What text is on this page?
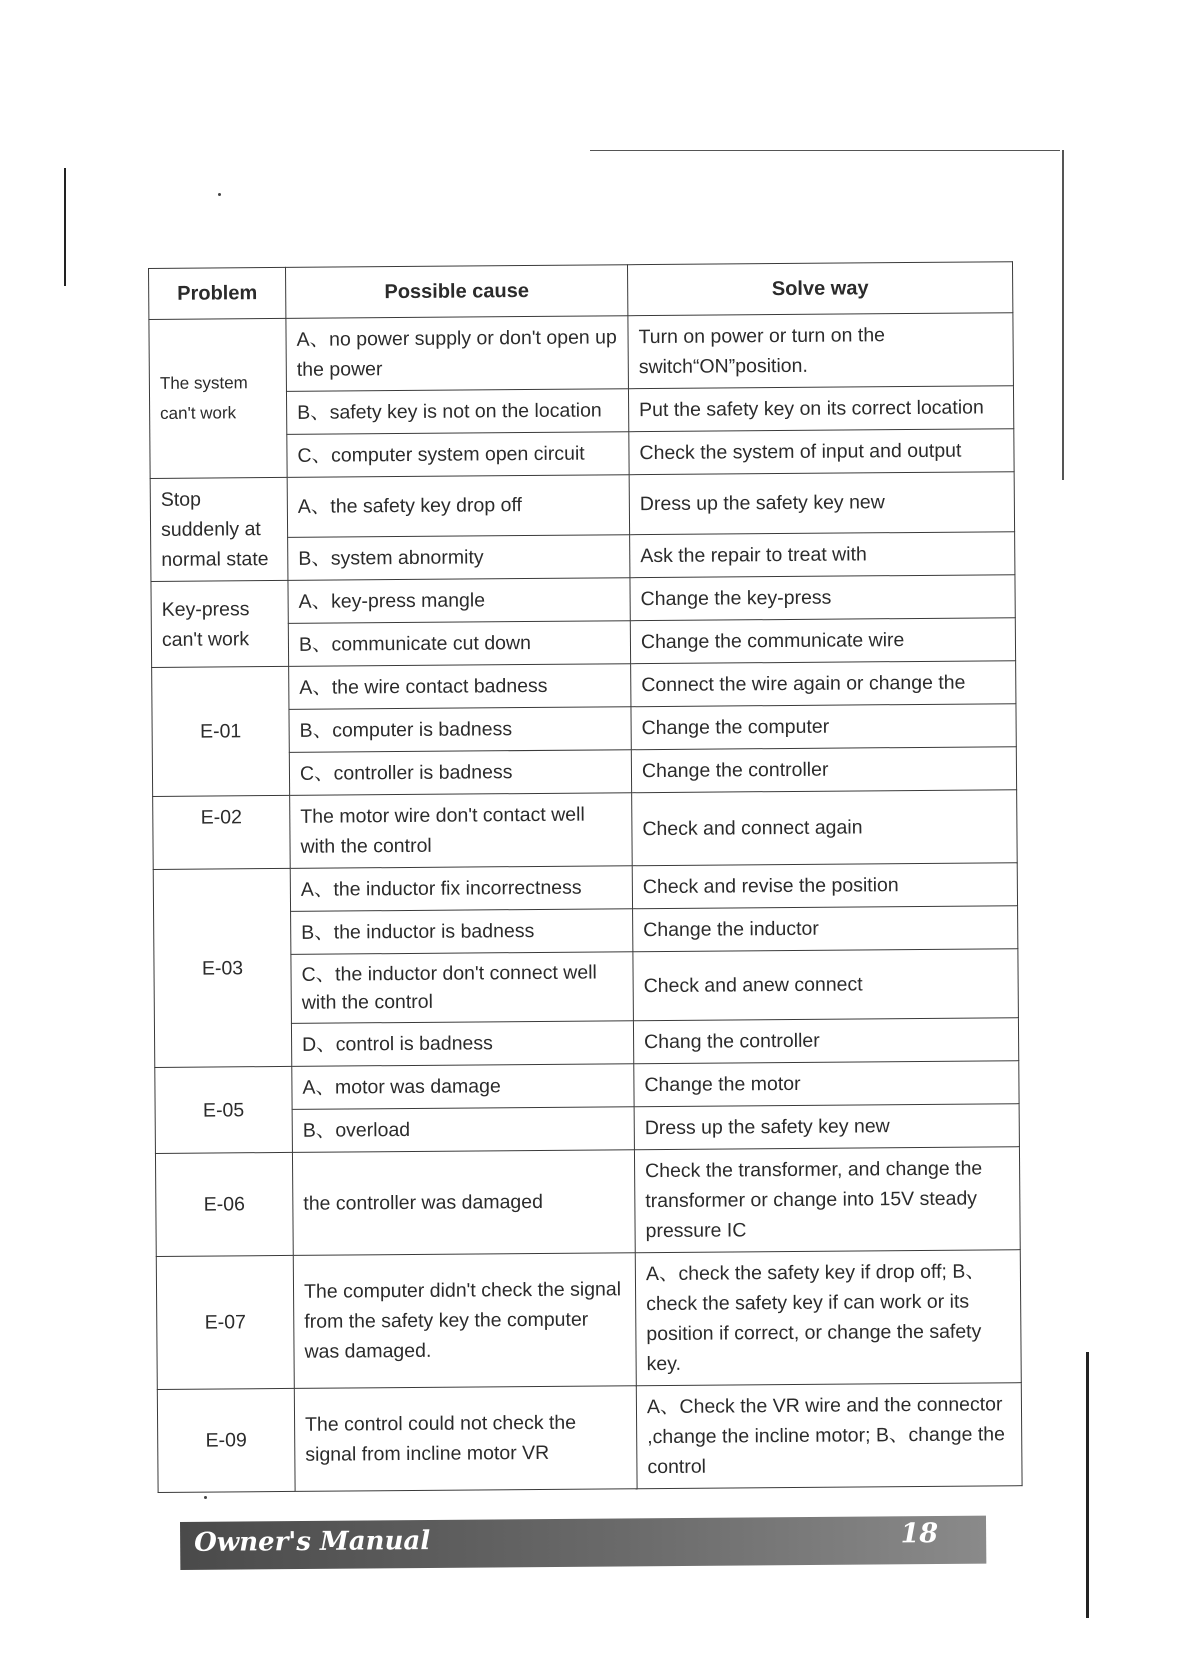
Problem	Possible cause	Solve way
The system can't work	A、no power supply or don't open up the power	Turn on power or turn on the switch“ON”position.
	B、safety key is not on the location	Put the safety key on its correct location
	C、computer system open circuit	Check the system of input and output
Stop suddenly at normal state	A、the safety key drop off	Dress up the safety key new
	B、system abnormity	Ask the repair to treat with
Key-press can't work	A、key-press mangle	Change the key-press
	B、communicate cut down	Change the communicate wire
E-01	A、the wire contact badness	Connect the wire again or change the
	B、computer is badness	Change the computer
	C、controller is badness	Change the controller
E-02	The motor wire don't contact well with the control	Check and connect again
E-03	A、the inductor fix incorrectness	Check and revise the position
	B、the inductor is badness	Change the inductor
	C、the inductor don't connect well with the control	Check and anew connect
	D、control is badness	Chang the controller
E-05	A、motor was damage	Change the motor
	B、overload	Dress up the safety key new
E-06	the controller was damaged	Check the transformer, and change the transformer or change into 15V steady pressure IC
E-07	The computer didn't check the signal from the safety key the computer was damaged.	A、check the safety key if drop off; B、check the safety key if can work or its position if correct, or change the safety key.
E-09	The control could not check the signal from incline motor VR	A、Check the VR wire and the connector ,change the incline motor; B、change the control
Owner's Manual	18
